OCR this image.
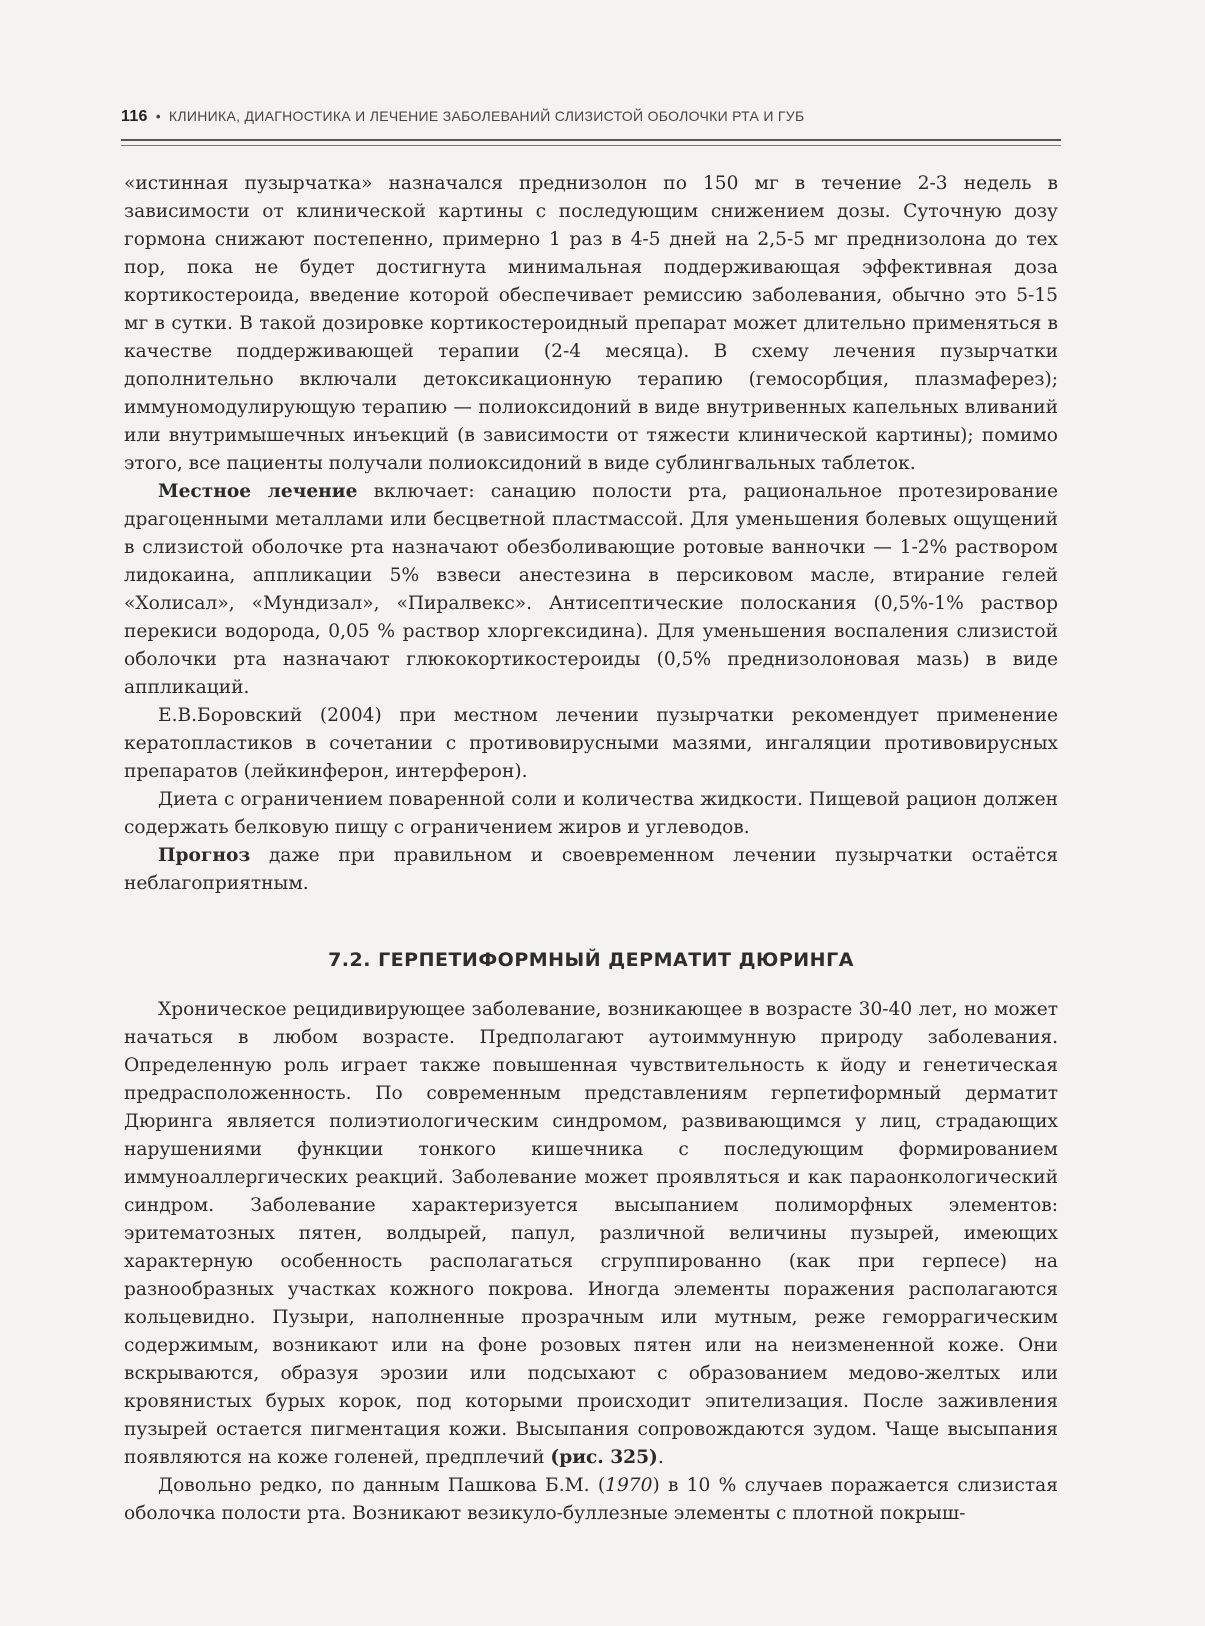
116 • КЛИНИКА, ДИАГНОСТИКА И ЛЕЧЕНИЕ ЗАБОЛЕВАНИЙ СЛИЗИСТОЙ ОБОЛОЧКИ РТА И ГУБ

«истинная пузырчатка» назначался преднизолон по 150 мг в течение 2-3 недель в зависимости от клинической картины с последующим снижением дозы. Суточную дозу гормона снижают постепенно, примерно 1 раз в 4-5 дней на 2,5-5 мг преднизолона до тех пор, пока не будет достигнута минимальная поддерживающая эффективная доза кортикостероида, введение которой обеспечивает ремиссию заболевания, обычно это 5-15 мг в сутки. В такой дозировке кортикостероидный препарат может длительно применяться в качестве поддерживающей терапии (2-4 месяца). В схему лечения пузырчатки дополнительно включали детоксикационную терапию (гемосорбция, плазмаферез); иммуномодулирующую терапию — полиоксидоний в виде внутривенных капельных вливаний или внутримышечных инъекций (в зависимости от тяжести клинической картины); помимо этого, все пациенты получали полиоксидоний в виде сублингвальных таблеток.

Местное лечение включает: санацию полости рта, рациональное протезирование драгоценными металлами или бесцветной пластмассой. Для уменьшения болевых ощущений в слизистой оболочке рта назначают обезболивающие ротовые ванночки — 1-2% раствором лидокаина, аппликации 5% взвеси анестезина в персиковом масле, втирание гелей «Холисал», «Мундизал», «Пиралвекс». Антисептические полоскания (0,5%-1% раствор перекиси водорода, 0,05 % раствор хлоргексидина). Для уменьшения воспаления слизистой оболочки рта назначают глюкокортикостероиды (0,5% преднизолоновая мазь) в виде аппликаций.

Е.В.Боровский (2004) при местном лечении пузырчатки рекомендует применение кератопластиков в сочетании с противовирусными мазями, ингаляции противовирусных препаратов (лейкинферон, интерферон).

Диета с ограничением поваренной соли и количества жидкости. Пищевой рацион должен содержать белковую пищу с ограничением жиров и углеводов.

Прогноз даже при правильном и своевременном лечении пузырчатки остаётся неблагоприятным.

7.2. ГЕРПЕТИФОРМНЫЙ ДЕРМАТИТ ДЮРИНГА

Хроническое рецидивирующее заболевание, возникающее в возрасте 30-40 лет, но может начаться в любом возрасте. Предполагают аутоиммунную природу заболевания. Определенную роль играет также повышенная чувствительность к йоду и генетическая предрасположенность. По современным представлениям герпетиформный дерматит Дюринга является полиэтиологическим синдромом, развивающимся у лиц, страдающих нарушениями функции тонкого кишечника с последующим формированием иммуноаллергических реакций. Заболевание может проявляться и как параонкологический синдром. Заболевание характеризуется высыпанием полиморфных элементов: эритематозных пятен, волдырей, папул, различной величины пузырей, имеющих характерную особенность располагаться сгруппированно (как при герпесе) на разнообразных участках кожного покрова. Иногда элементы поражения располагаются кольцевидно. Пузыри, наполненные прозрачным или мутным, реже геморрагическим содержимым, возникают или на фоне розовых пятен или на неизмененной коже. Они вскрываются, образуя эрозии или подсыхают с образованием медово-желтых или кровянистых бурых корок, под которыми происходит эпителизация. После заживления пузырей остается пигментация кожи. Высыпания сопровождаются зудом. Чаще высыпания появляются на коже голеней, предплечий (рис. 325).

Довольно редко, по данным Пашкова Б.М. (1970) в 10 % случаев поражается слизистая оболочка полости рта. Возникают везикуло-буллезные элементы с плотной покрыш-
